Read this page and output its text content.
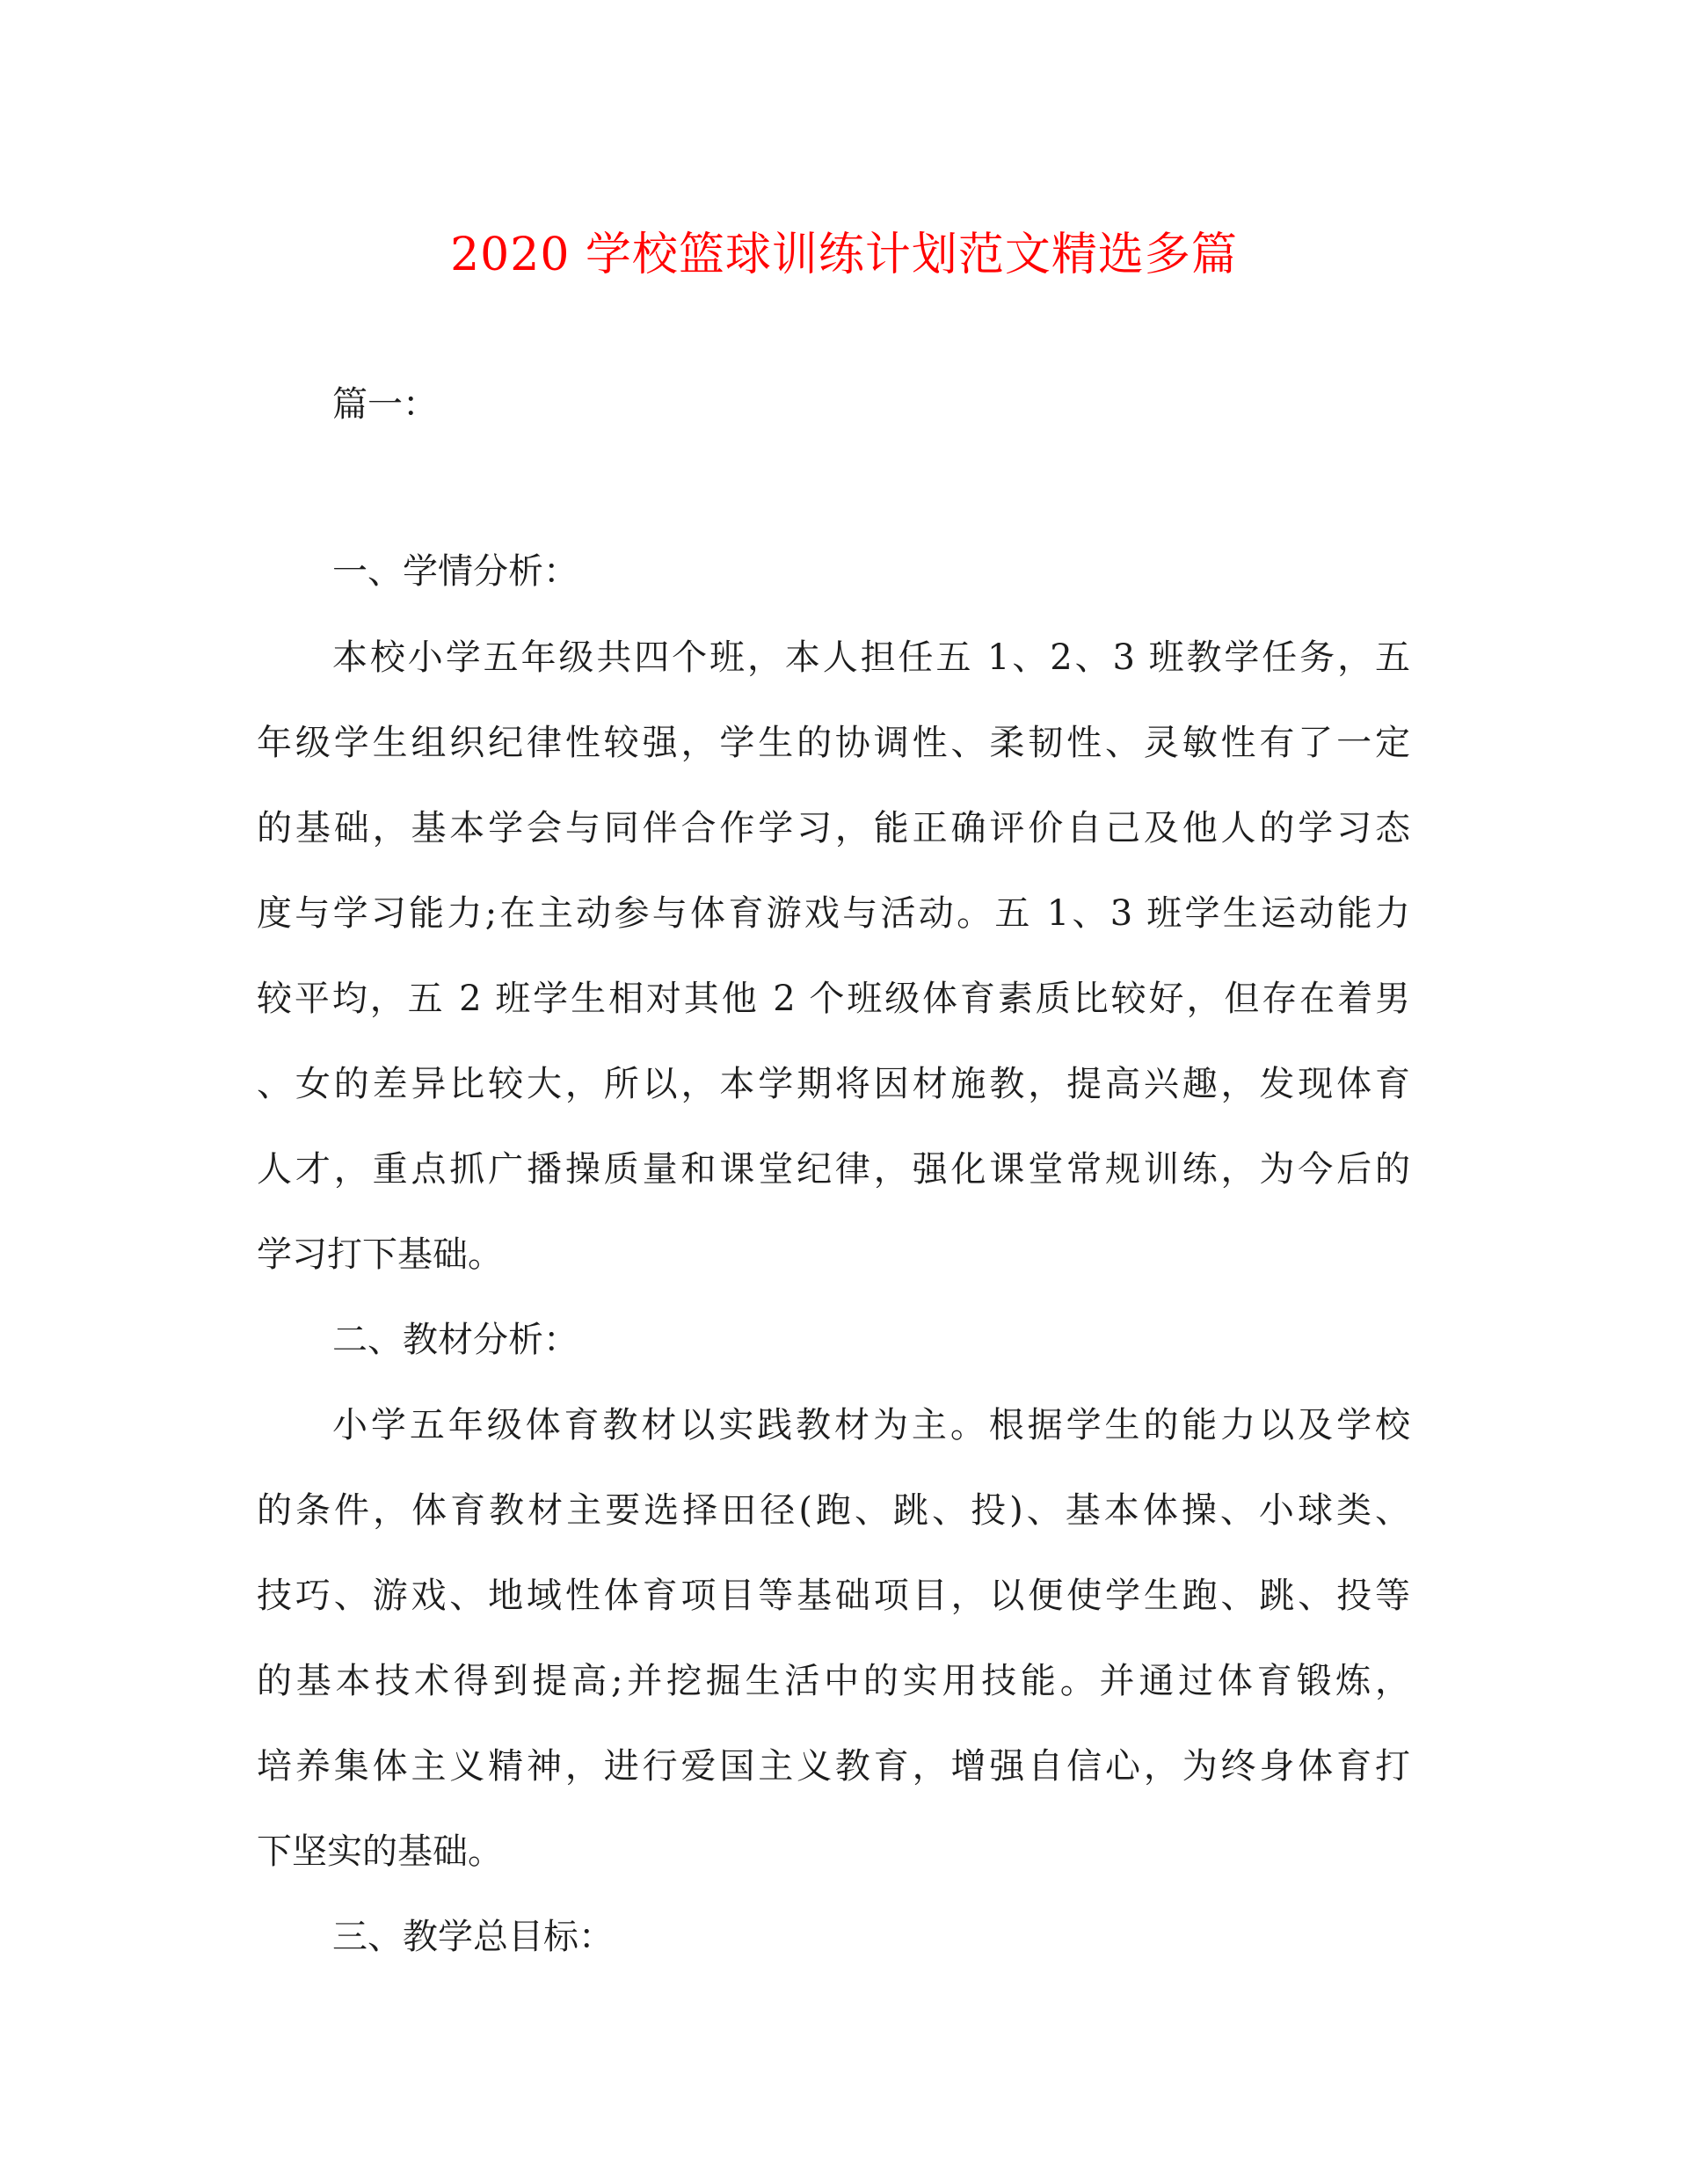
2020 学校篮球训练计划范文精选多篇
篇一：
一、学情分析：
本校小学五年级共四个班，本人担任五 1、2、3 班教学任务，五
年级学生组织纪律性较强，学生的协调性、柔韧性、灵敏性有了一定
的基础，基本学会与同伴合作学习，能正确评价自己及他人的学习态
度与学习能力;在主动参与体育游戏与活动。五 1、3 班学生运动能力
较平均，五 2 班学生相对其他 2 个班级体育素质比较好，但存在着男
、女的差异比较大，所以，本学期将因材施教，提高兴趣，发现体育
人才，重点抓广播操质量和课堂纪律，强化课堂常规训练，为今后的
学习打下基础。
二、教材分析：
小学五年级体育教材以实践教材为主。根据学生的能力以及学校
的条件，体育教材主要选择田径(跑、跳、投)、基本体操、小球类、
技巧、游戏、地域性体育项目等基础项目，以便使学生跑、跳、投等
的基本技术得到提高;并挖掘生活中的实用技能。并通过体育锻炼，
培养集体主义精神，进行爱国主义教育，增强自信心，为终身体育打
下坚实的基础。
三、教学总目标：
